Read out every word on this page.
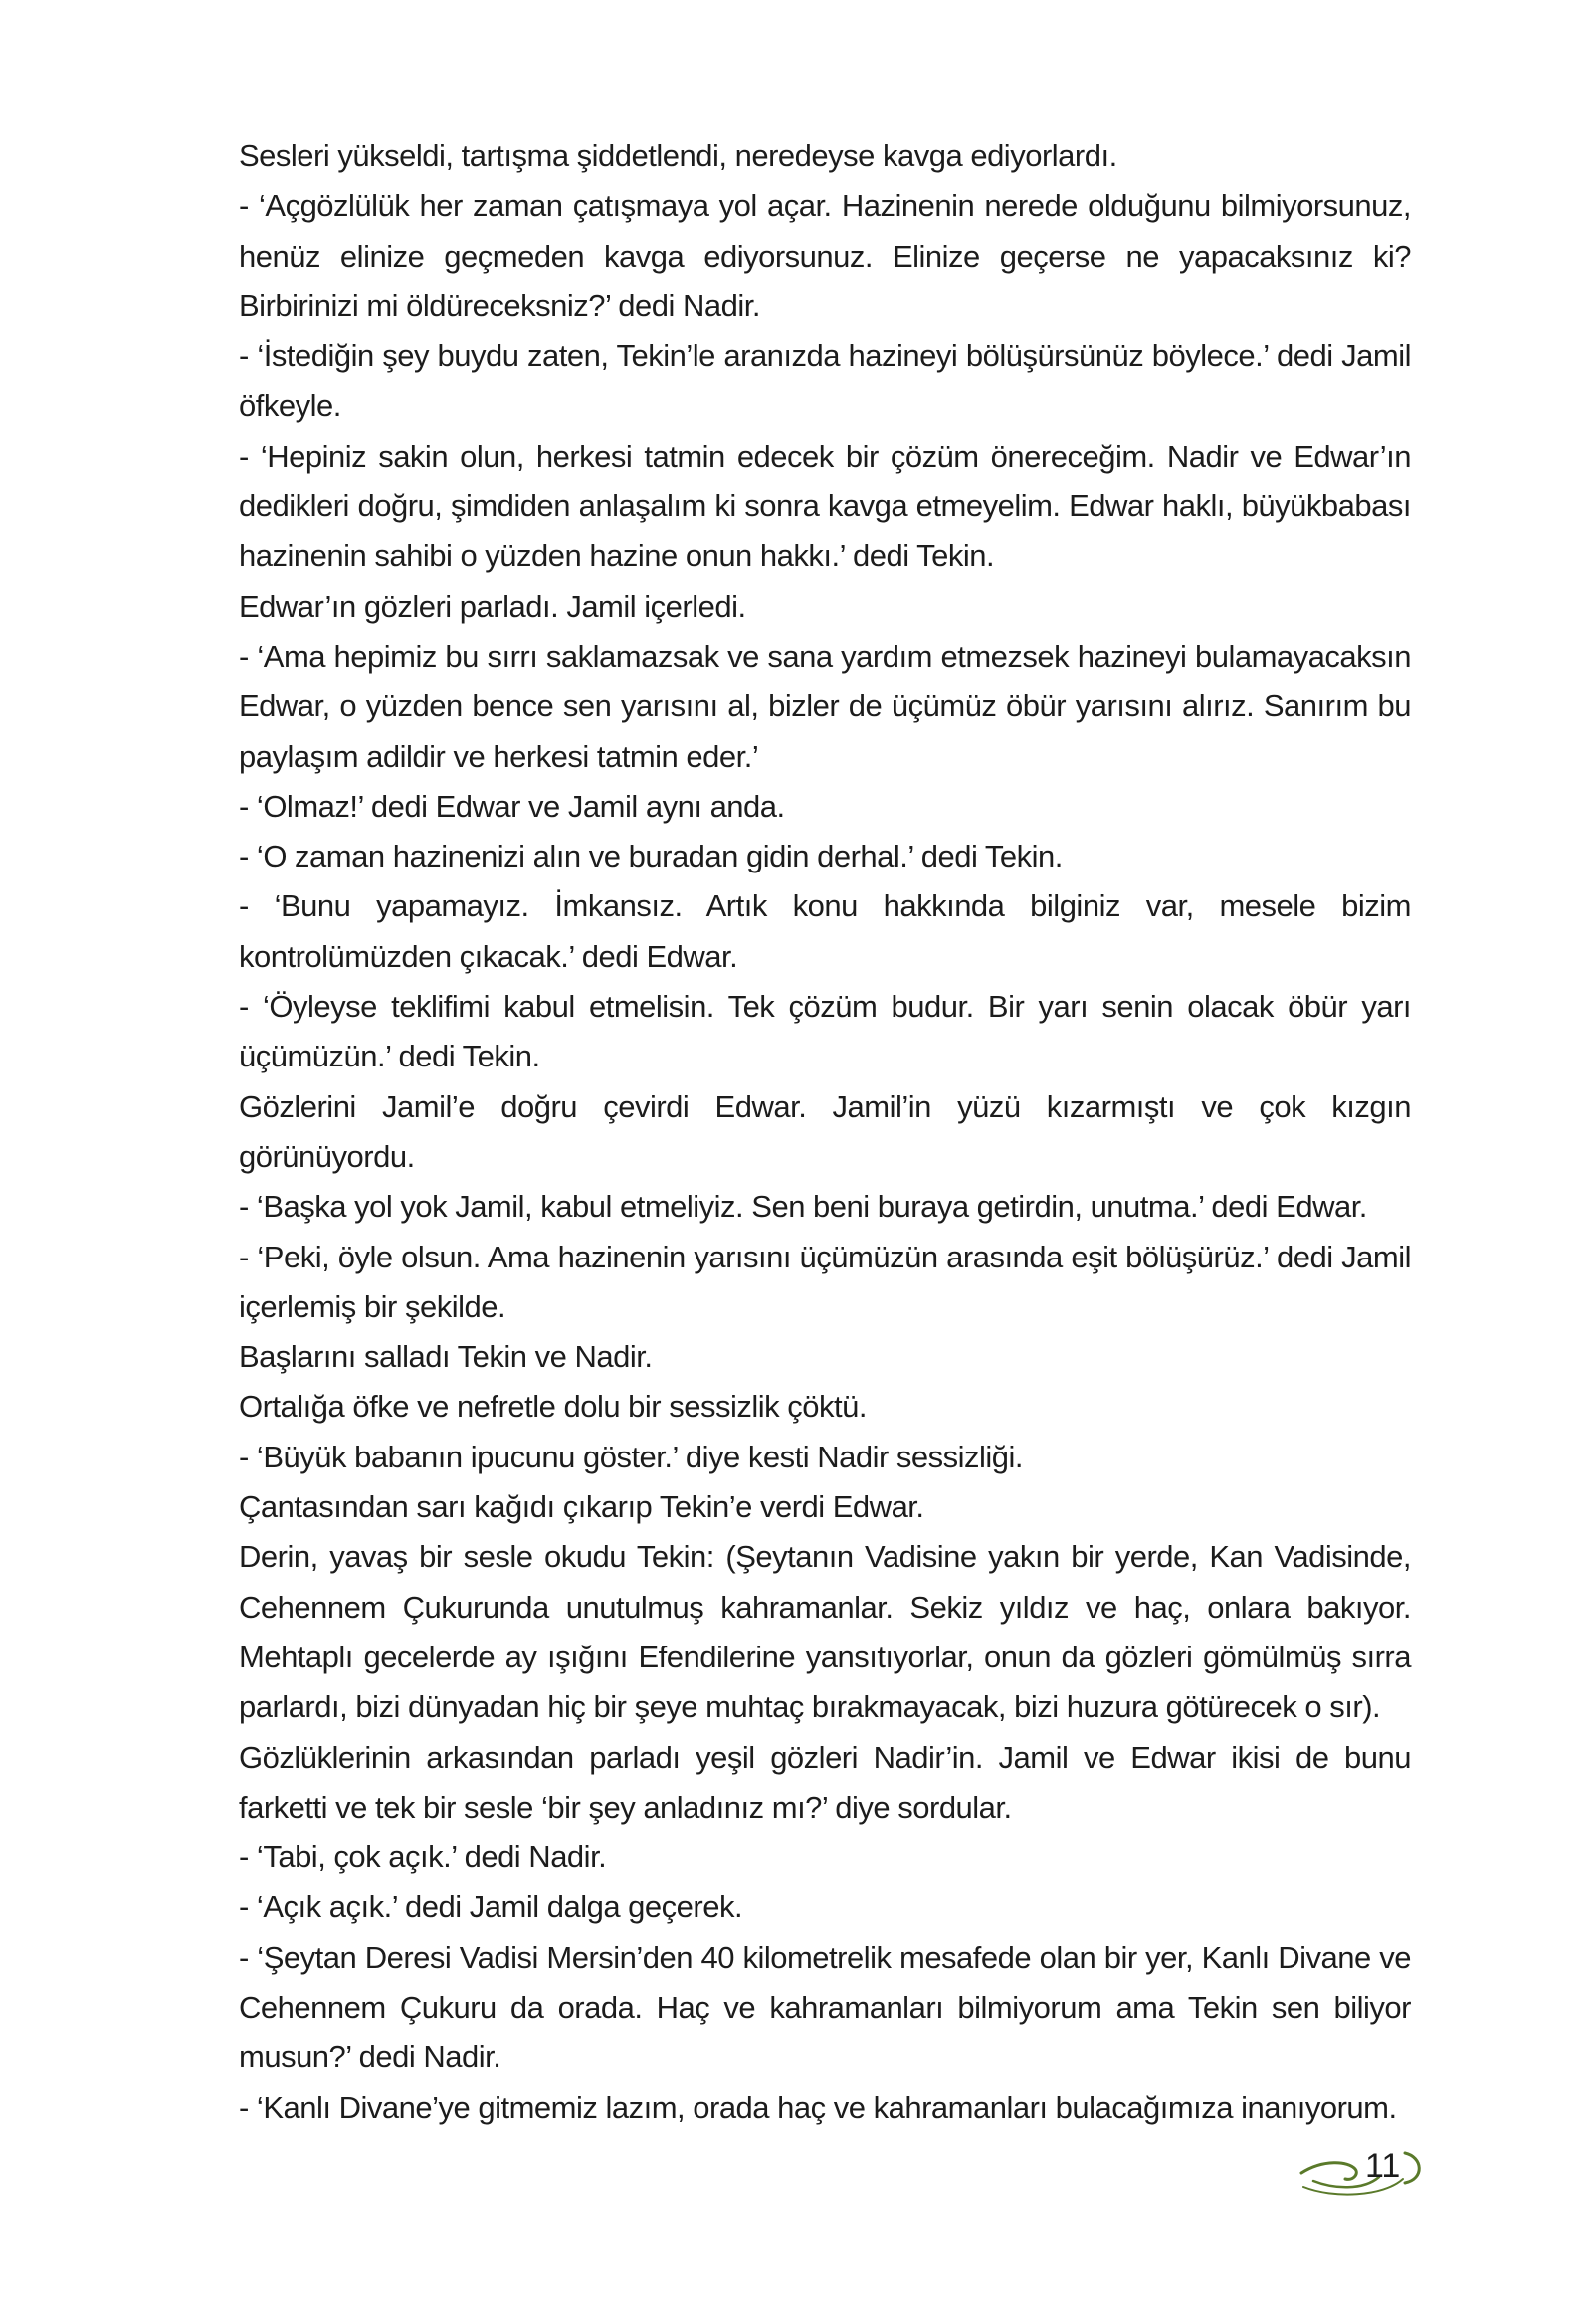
Sesleri yükseldi, tartışma şiddetlendi, neredeyse kavga ediyorlardı.

- ‘Açgözlülük her zaman çatışmaya yol açar. Hazinenin nerede olduğunu bilmiyorsunuz, henüz elinize geçmeden kavga ediyorsunuz. Elinize geçerse ne yapacaksınız ki? Birbirinizi mi öldüreceksniz?’ dedi Nadir.

- ‘İstediğin şey buydu zaten, Tekin’le aranızda hazineyi bölüşürsünüz böylece.’ dedi Jamil öfkeyle.

- ‘Hepiniz sakin olun, herkesi tatmin edecek bir çözüm önereceğim. Nadir ve Edwar’ın dedikleri doğru, şimdiden anlaşalım ki sonra kavga etmeyelim. Edwar haklı, büyükbabası hazinenin sahibi o yüzden hazine onun hakkı.’ dedi Tekin.

Edwar’ın gözleri parladı. Jamil içerledi.

- ‘Ama hepimiz bu sırrı saklamazsak ve sana yardım etmezsek hazineyi bulamayacaksın Edwar, o yüzden bence sen yarısını al, bizler de üçümüz öbür yarısını alırız. Sanırım bu paylaşım adildir ve herkesi tatmin eder.’

- ‘Olmaz!’ dedi Edwar ve Jamil aynı anda.

- ‘O zaman hazinenizi alın ve buradan gidin derhal.’ dedi Tekin.

- ‘Bunu yapamayız. İmkansız. Artık konu hakkında bilginiz var, mesele bizim kontrolümüzden çıkacak.’ dedi Edwar.

- ‘Öyleyse teklifimi kabul etmelisin. Tek çözüm budur. Bir yarı senin olacak öbür yarı üçümüzün.’ dedi Tekin.

Gözlerini Jamil’e doğru çevirdi Edwar. Jamil’in yüzü kızarmıştı ve çok kızgın görünüyordu.

- ‘Başka yol yok Jamil, kabul etmeliyiz. Sen beni buraya getirdin, unutma.’ dedi Edwar.

- ‘Peki, öyle olsun. Ama hazinenin yarısını üçümüzün arasında eşit bölüşürüz.’ dedi Jamil içerlemiş bir şekilde.

Başlarını salladı Tekin ve Nadir.

Ortalığa öfke ve nefretle dolu bir sessizlik çöktü.

- ‘Büyük babanın ipucunu göster.’ diye kesti Nadir sessizliği.

Çantasından sarı kağıdı çıkarıp Tekin’e verdi Edwar.

Derin, yavaş bir sesle okudu Tekin: (Şeytanın Vadisine yakın bir yerde, Kan Vadisinde, Cehennem Çukurunda unutulmuş kahramanlar. Sekiz yıldız ve haç, onlara bakıyor. Mehtaplı gecelerde ay ışığını Efendilerine yansıtıyorlar, onun da gözleri gömülmüş sırra parlardı, bizi dünyadan hiç bir şeye muhtaç bırakmayacak, bizi huzura götürecek o sır).

Gözlüklerinin arkasından parladı yeşil gözleri Nadir’in. Jamil ve Edwar ikisi de bunu farketti ve tek bir sesle ‘bir şey anladınız mı?’ diye sordular.

- ‘Tabi, çok açık.’ dedi Nadir.

- ‘Açık açık.’ dedi Jamil dalga geçerek.

- ‘Şeytan Deresi Vadisi Mersin’den 40 kilometrelik mesafede olan bir yer, Kanlı Divane ve Cehennem Çukuru da orada. Haç ve kahramanları bilmiyorum ama Tekin sen biliyor musun?’ dedi Nadir.

- ‘Kanlı Divane’ye gitmemiz lazım, orada haç ve kahramanları bulacağımıza inanıyorum.

11
